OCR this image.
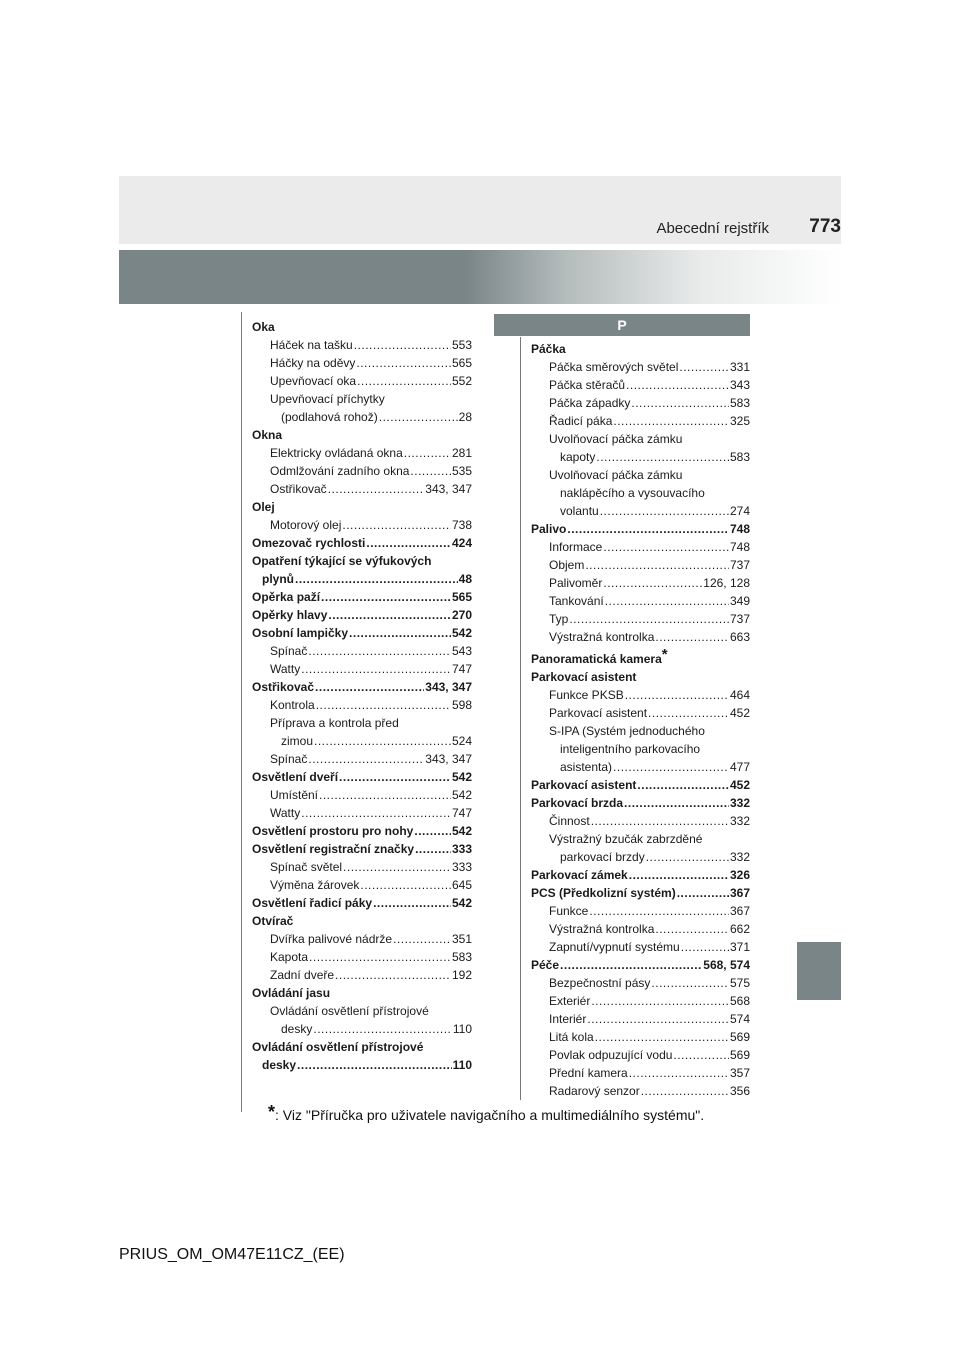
Abecední rejstřík 773
P
Oka
Háček na tašku .....	553
Háčky na oděvy .....	565
Upevňovací oka .....	552
Upevňovací příchytky
(podlahová rohož) .....	28
Okna
Elektricky ovládaná okna .....	281
Odmlžování zadního okna .....	535
Ostřikovač .....	343, 347
Olej
Motorový olej .....	738
Omezovač rychlosti .....	424
Opatření týkající se výfukových
plynů .....	48
Opěrka paží .....	565
Opěrky hlavy .....	270
Osobní lampičky .....	542
Spínač .....	543
Watty .....	747
Ostřikovač .....	343, 347
Kontrola .....	598
Příprava a kontrola před
zimou .....	524
Spínač .....	343, 347
Osvětlení dveří .....	542
Umístění .....	542
Watty .....	747
Osvětlení prostoru pro nohy .....	542
Osvětlení registrační značky .....	333
Spínač světel .....	333
Výměna žárovek .....	645
Osvětlení řadicí páky .....	542
Otvírač
Dvířka palivové nádrže .....	351
Kapota .....	583
Zadní dveře .....	192
Ovládání jasu
Ovládání osvětlení přístrojové
desky .....	110
Ovládání osvětlení přístrojové
desky .....	110
Páčka
Páčka směrových světel .....	331
Páčka stěračů .....	343
Páčka západky .....	583
Řadicí páka .....	325
Uvolňovací páčka zámku
kapoty .....	583
Uvolňovací páčka zámku
naklápěcího a vysouvacího
volantu .....	274
Palivo .....	748
Informace .....	748
Objem .....	737
Palivoměr .....	126, 128
Tankování .....	349
Typ .....	737
Výstražná kontrolka .....	663
Panoramatická kamera*
Parkovací asistent
Funkce PKSB .....	464
Parkovací asistent .....	452
S-IPA (Systém jednoduchého
inteligentního parkovacího
asistenta) .....	477
Parkovací asistent .....	452
Parkovací brzda .....	332
Činnost .....	332
Výstražný bzučák zabrzděné
parkovací brzdy .....	332
Parkovací zámek .....	326
PCS (Předkolizní systém) .....	367
Funkce .....	367
Výstražná kontrolka .....	662
Zapnutí/vypnutí systému .....	371
Péče .....	568, 574
Bezpečnostní pásy .....	575
Exteriér .....	568
Interiér .....	574
Litá kola .....	569
Povlak odpuzující vodu .....	569
Přední kamera .....	357
Radarový senzor .....	356
*: Viz "Příručka pro uživatele navigačního a multimediálního systému".
PRIUS_OM_OM47E11CZ_(EE)
